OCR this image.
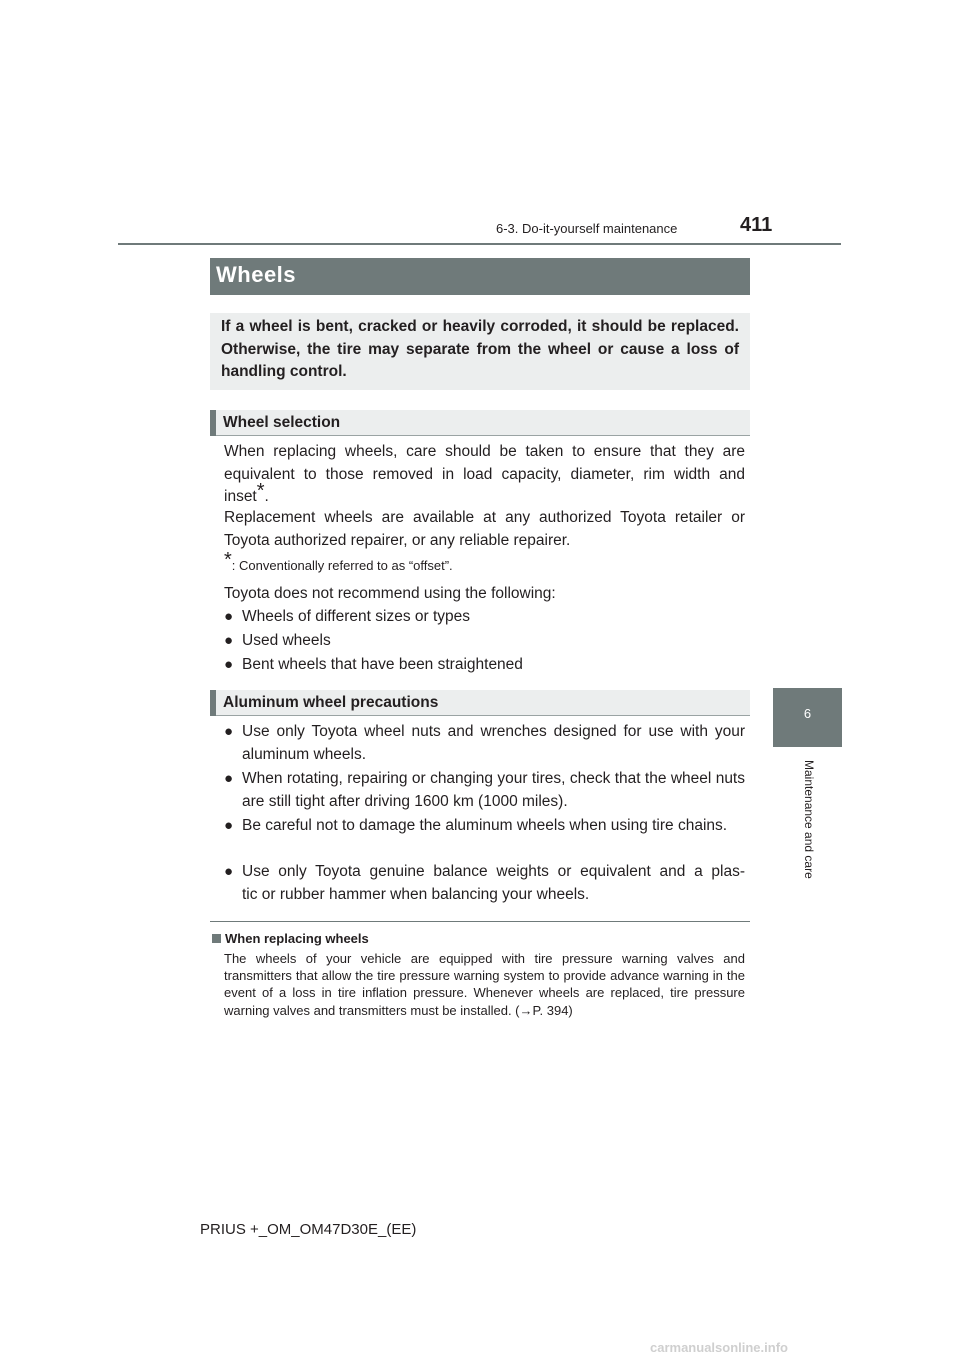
6-3. Do-it-yourself maintenance	411
6
Maintenance and care
Wheels
If a wheel is bent, cracked or heavily corroded, it should be replaced. Otherwise, the tire may separate from the wheel or cause a loss of handling control.
Wheel selection
When replacing wheels, care should be taken to ensure that they are equivalent to those removed in load capacity, diameter, rim width and inset*.
Replacement wheels are available at any authorized Toyota retailer or Toyota authorized repairer, or any reliable repairer.
*: Conventionally referred to as “offset”.
Toyota does not recommend using the following:
● Wheels of different sizes or types
● Used wheels
● Bent wheels that have been straightened
Aluminum wheel precautions
● Use only Toyota wheel nuts and wrenches designed for use with your aluminum wheels.
● When rotating, repairing or changing your tires, check that the wheel nuts are still tight after driving 1600 km (1000 miles).
● Be careful not to damage the aluminum wheels when using tire chains.
● Use only Toyota genuine balance weights or equivalent and a plas-
tic or rubber hammer when balancing your wheels.
When replacing wheels
The wheels of your vehicle are equipped with tire pressure warning valves and transmitters that allow the tire pressure warning system to provide advance warning in the event of a loss in tire inflation pressure. Whenever wheels are replaced, tire pressure warning valves and transmitters must be installed. (→P. 394)
PRIUS +_OM_OM47D30E_(EE)
carmanualsonline.info
